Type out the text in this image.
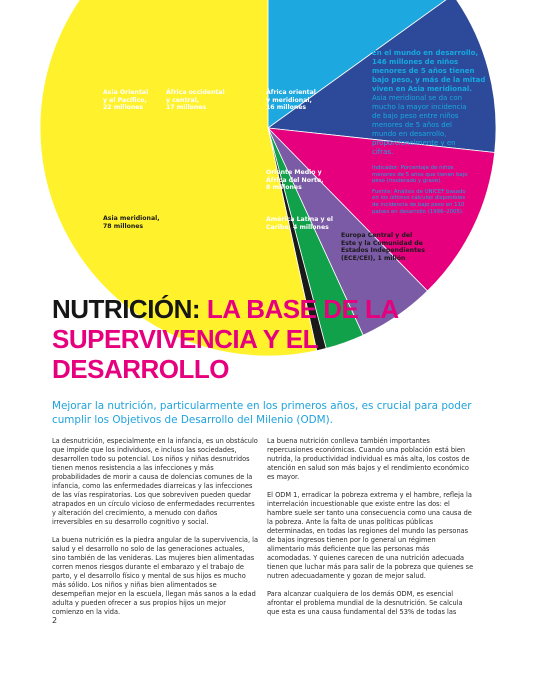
Asia Oriental
y el Pacífico,
22 millones
África occidental
y central,
17 millones
África oriental
y meridional,
16 millones
Oriente Medio y
África del Norte,
8 millones
América Latina y el
Caribe, 4 millones
Europa Central y del
Este y la Comunidad de
Estados Independientes
(ECE/CEI), 1 millón
Asia meridional,
78 millones

En el mundo en desarrollo,
146 millones de niños
menores de 5 años tienen
bajo peso, y más de la mitad
viven en Asia meridional.
Asia meridional se da con
mucho la mayor incidencia
de bajo peso entre niños
menores de 5 años del
mundo en desarrollo,
proporcionalmente y en
cifras.

Indicador: Porcentaje de niños
menores de 5 años que tienen bajo
peso (moderado y grave).

Fuente: Análisis de UNICEF basado
en los últimos cálculos disponibles
de incidencia de bajo peso en 110
países en desarrollo (1996–2005).

NUTRICIÓN: LA BASE DE LA SUPERVIVENCIA Y EL DESARROLLO
Mejorar la nutrición, particularmente en los primeros años, es crucial para poder cumplir los Objetivos de Desarrollo del Milenio (ODM).

La desnutrición, especialmente en la infancia, es un obstáculo
que impide que los individuos, e incluso las sociedades,
desarrollen todo su potencial. Los niños y niñas desnutridos
tienen menos resistencia a las infecciones y más
probabilidades de morir a causa de dolencias comunes de la
infancia, como las enfermedades diarreicas y las infecciones
de las vías respiratorias. Los que sobreviven pueden quedar
atrapados en un círculo vicioso de enfermedades recurrentes
y alteración del crecimiento, a menudo con daños
irreversibles en su desarrollo cognitivo y social.

La buena nutrición es la piedra angular de la supervivencia, la
salud y el desarrollo no solo de las generaciones actuales,
sino también de las venideras. Las mujeres bien alimentadas
corren menos riesgos durante el embarazo y el trabajo de
parto, y el desarrollo físico y mental de sus hijos es mucho
más sólido. Los niños y niñas bien alimentados se
desempeñan mejor en la escuela, llegan más sanos a la edad
adulta y pueden ofrecer a sus propios hijos un mejor
comienzo en la vida.

La buena nutrición conlleva también importantes
repercusiones económicas. Cuando una población está bien
nutrida, la productividad individual es más alta, los costos de
atención en salud son más bajos y el rendimiento económico
es mayor.

El ODM 1, erradicar la pobreza extrema y el hambre, refleja la
interrelación incuestionable que existe entre las dos: el
hambre suele ser tanto una consecuencia como una causa de
la pobreza. Ante la falta de unas políticas públicas
determinadas, en todas las regiones del mundo las personas
de bajos ingresos tienen por lo general un régimen
alimentario más deficiente que las personas más
acomodadas. Y quienes carecen de una nutrición adecuada
tienen que luchar más para salir de la pobreza que quienes se
nutren adecuadamente y gozan de mejor salud.

Para alcanzar cualquiera de los demás ODM, es esencial
afrontar el problema mundial de la desnutrición. Se calcula
que esta es una causa fundamental del 53% de todas las

2
